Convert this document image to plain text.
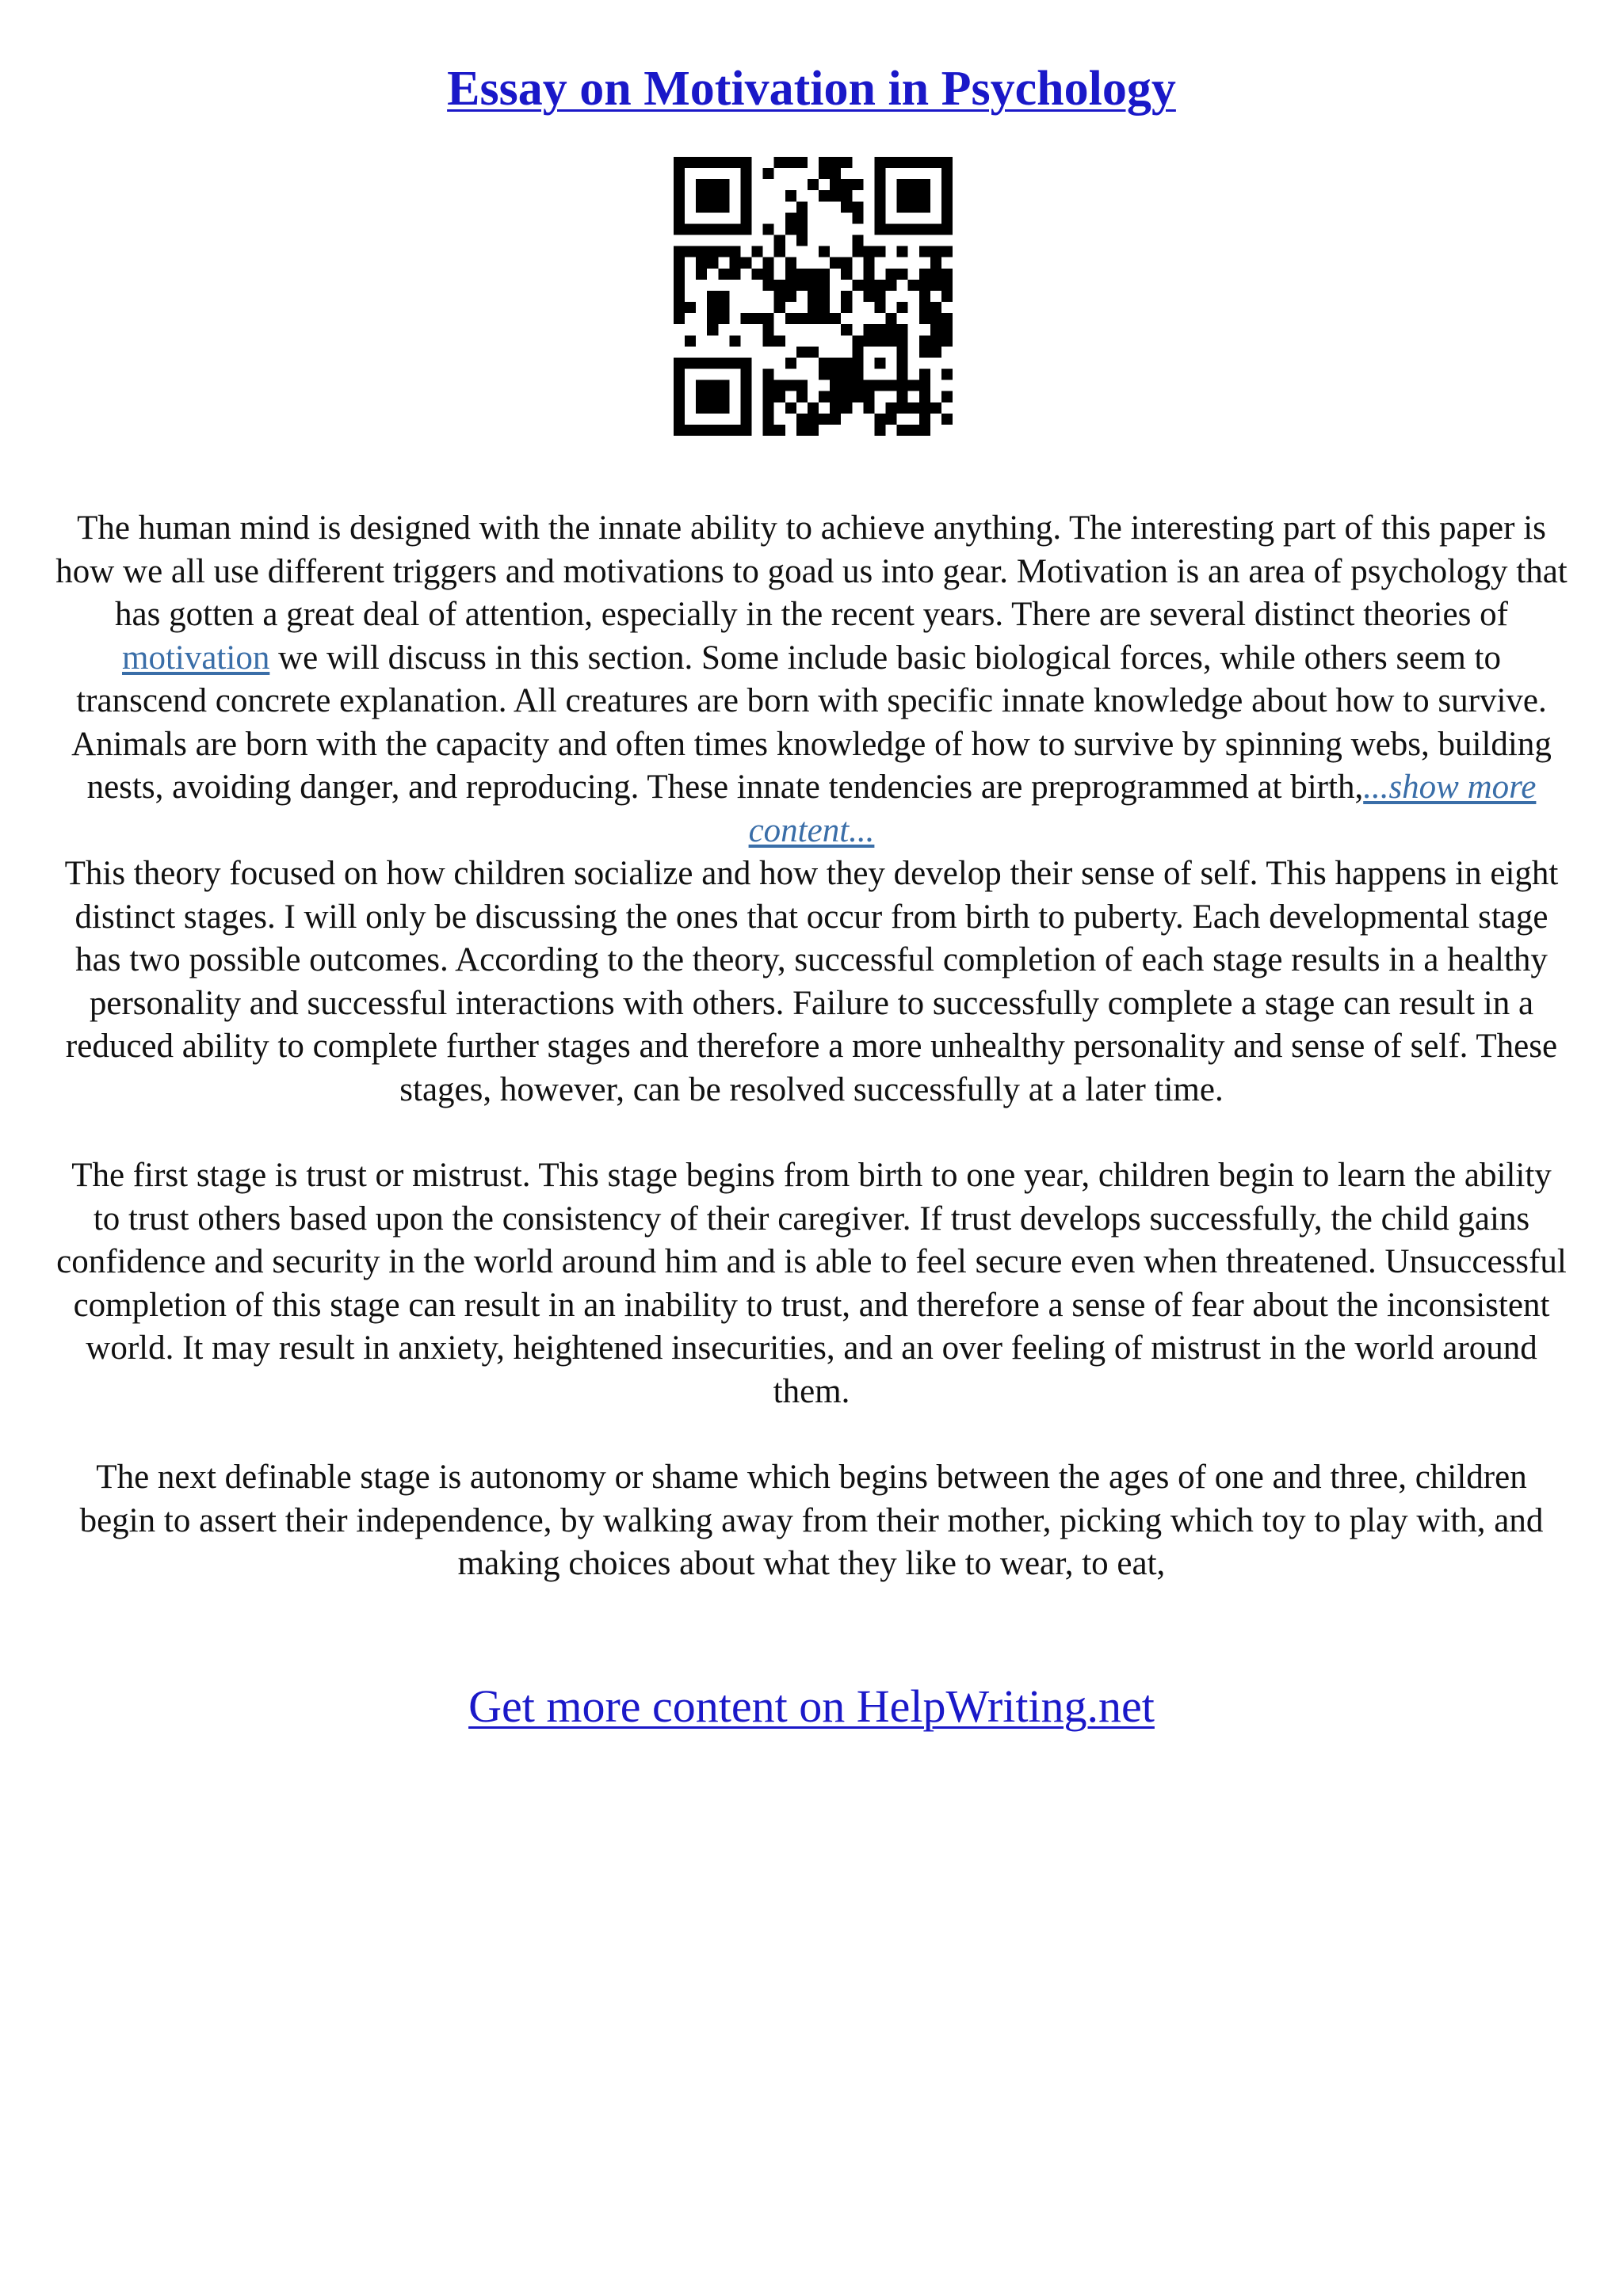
Essay on Motivation in Psychology

The human mind is designed with the innate ability to achieve anything. The interesting part of this paper is how we all use different triggers and motivations to goad us into gear. Motivation is an area of psychology that has gotten a great deal of attention, especially in the recent years. There are several distinct theories of motivation we will discuss in this section. Some include basic biological forces, while others seem to transcend concrete explanation. All creatures are born with specific innate knowledge about how to survive. Animals are born with the capacity and often times knowledge of how to survive by spinning webs, building nests, avoiding danger, and reproducing. These innate tendencies are preprogrammed at birth,...show more content...

This theory focused on how children socialize and how they develop their sense of self. This happens in eight distinct stages. I will only be discussing the ones that occur from birth to puberty. Each developmental stage has two possible outcomes. According to the theory, successful completion of each stage results in a healthy personality and successful interactions with others. Failure to successfully complete a stage can result in a reduced ability to complete further stages and therefore a more unhealthy personality and sense of self. These stages, however, can be resolved successfully at a later time.

The first stage is trust or mistrust. This stage begins from birth to one year, children begin to learn the ability to trust others based upon the consistency of their caregiver. If trust develops successfully, the child gains confidence and security in the world around him and is able to feel secure even when threatened. Unsuccessful completion of this stage can result in an inability to trust, and therefore a sense of fear about the inconsistent world. It may result in anxiety, heightened insecurities, and an over feeling of mistrust in the world around them.

The next definable stage is autonomy or shame which begins between the ages of one and three, children begin to assert their independence, by walking away from their mother, picking which toy to play with, and making choices about what they like to wear, to eat,

Get more content on HelpWriting.net
